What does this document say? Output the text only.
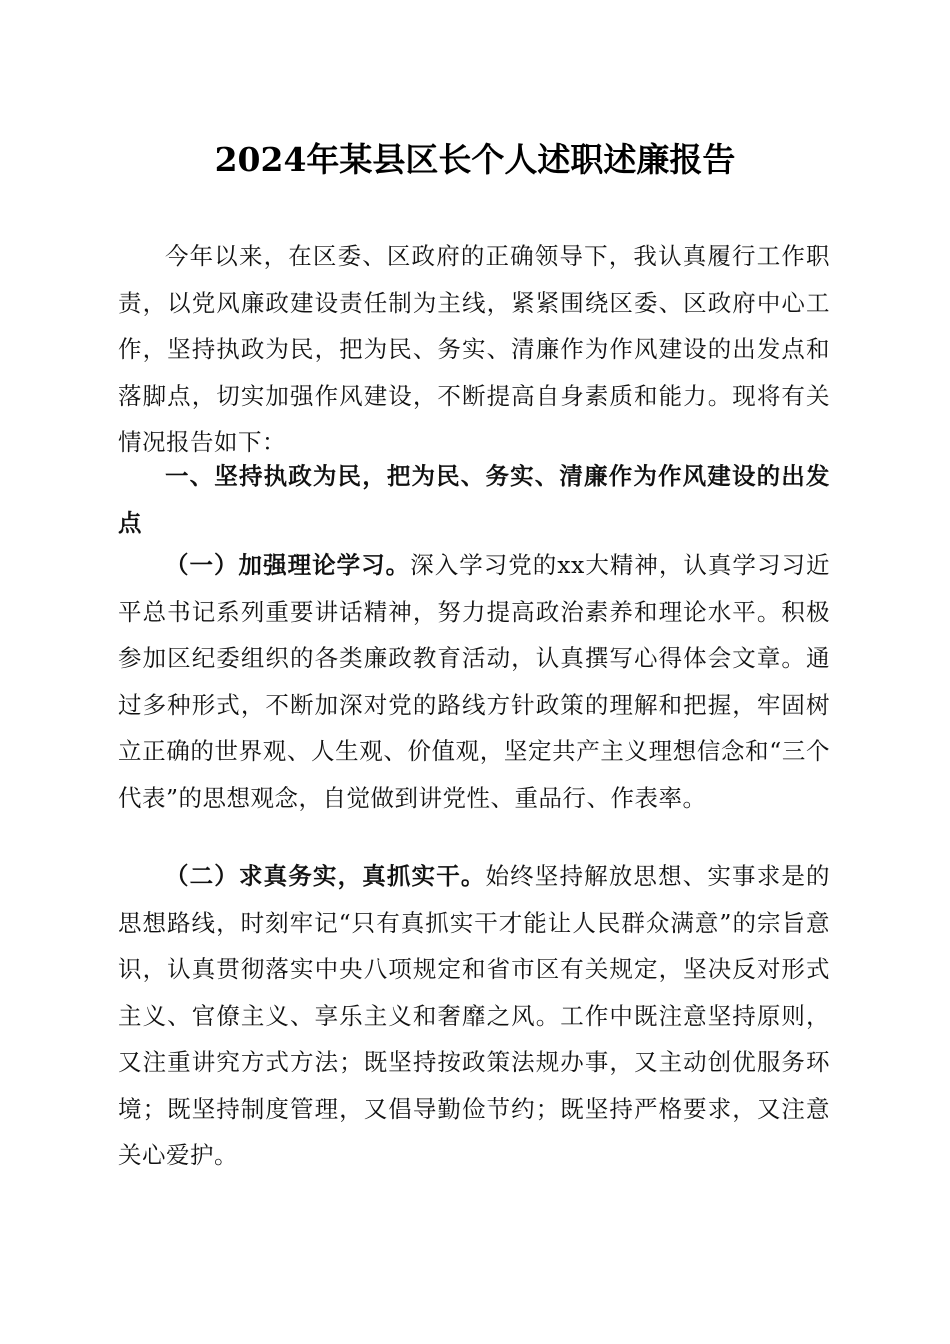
2024年某县区长个人述职述廉报告

今年以来，在区委、区政府的正确领导下，我认真履行工作职责，以党风廉政建设责任制为主线，紧紧围绕区委、区政府中心工作，坚持执政为民，把为民、务实、清廉作为作风建设的出发点和落脚点，切实加强作风建设，不断提高自身素质和能力。现将有关情况报告如下：

一、坚持执政为民，把为民、务实、清廉作为作风建设的出发点

（一）加强理论学习。深入学习党的xx大精神，认真学习习近平总书记系列重要讲话精神，努力提高政治素养和理论水平。积极参加区纪委组织的各类廉政教育活动，认真撰写心得体会文章。通过多种形式，不断加深对党的路线方针政策的理解和把握，牢固树立正确的世界观、人生观、价值观，坚定共产主义理想信念和“三个代表”的思想观念，自觉做到讲党性、重品行、作表率。

（二）求真务实，真抓实干。始终坚持解放思想、实事求是的思想路线，时刻牢记“只有真抓实干才能让人民群众满意”的宗旨意识，认真贯彻落实中央八项规定和省市区有关规定，坚决反对形式主义、官僚主义、享乐主义和奢靡之风。工作中既注意坚持原则，又注重讲究方式方法；既坚持按政策法规办事，又主动创优服务环境；既坚持制度管理，又倡导勤俭节约；既坚持严格要求，又注意关心爱护。
